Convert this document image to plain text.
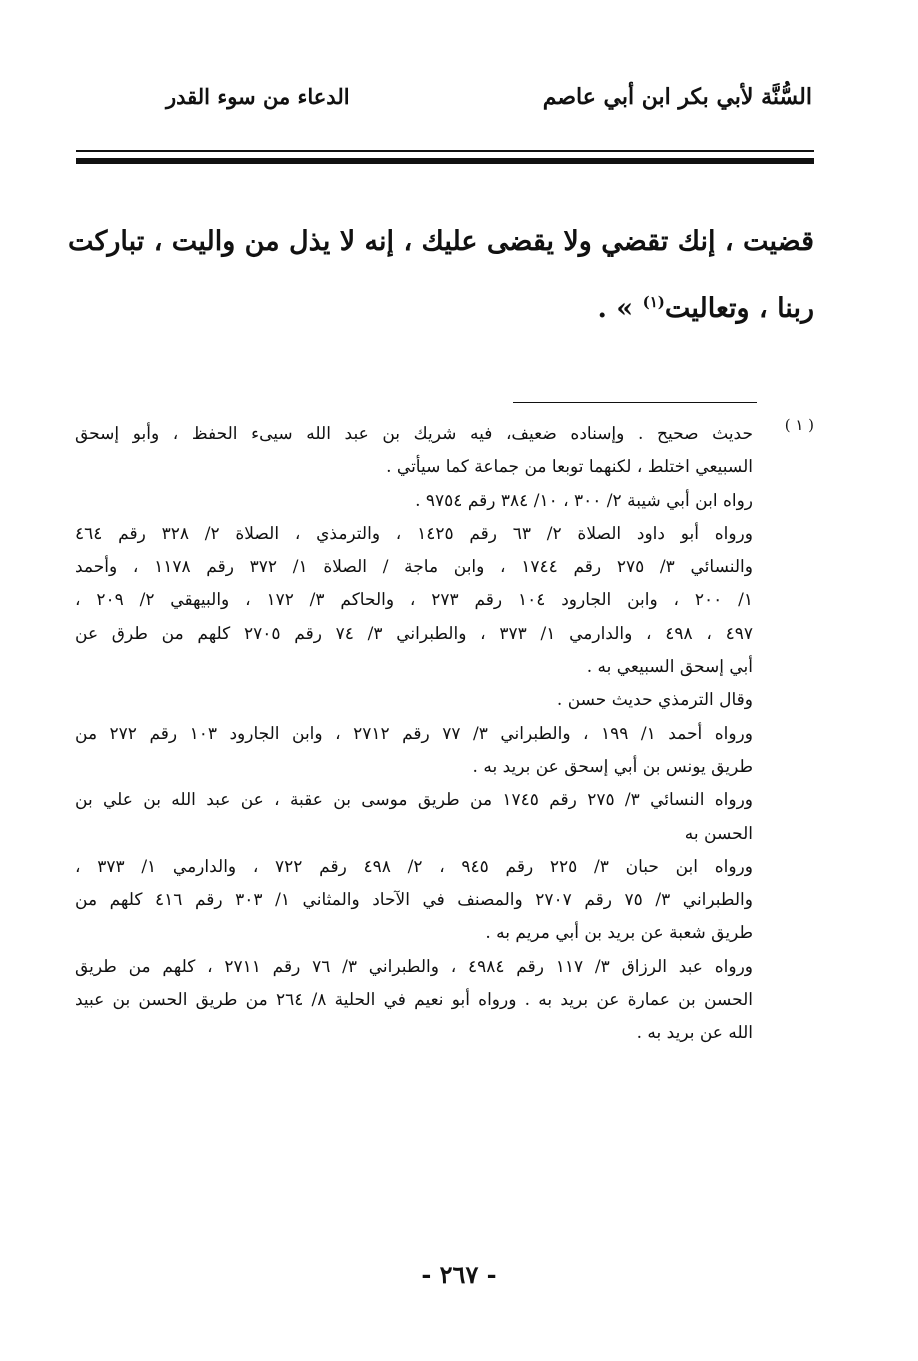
السُّنَّة لأبي بكر ابن أبي عاصم
الدعاء من سوء القدر
قضيت ، إنك تقضي ولا يقضى عليك ، إنه لا يذل من واليت ، تباركت
ربنا ، وتعاليت$^{(١)}$ » .
( ١ )
حديث صحيح . وإسناده ضعيف، فيه شريك بن عبد الله سيىء الحفظ ، وأبو إسحق
السبيعي اختلط ، لكنهما توبعا من جماعة كما سيأتي .
رواه ابن أبي شيبة ٢/ ٣٠٠ ، ١٠/ ٣٨٤ رقم ٩٧٥٤ .
ورواه أبو داود الصلاة ٢/ ٦٣ رقم ١٤٢٥ ، والترمذي ، الصلاة ٢/ ٣٢٨ رقم ٤٦٤
والنسائي ٣/ ٢٧٥ رقم ١٧٤٤ ، وابن ماجة / الصلاة ١/ ٣٧٢ رقم ١١٧٨ ، وأحمد
١/ ٢٠٠ ، وابن الجارود ١٠٤ رقم ٢٧٣ ، والحاكم ٣/ ١٧٢ ، والبيهقي ٢/ ٢٠٩ ،
٤٩٧ ، ٤٩٨ ، والدارمي ١/ ٣٧٣ ، والطبراني ٣/ ٧٤ رقم ٢٧٠٥ كلهم من طرق عن
أبي إسحق السبيعي به .
وقال الترمذي حديث حسن .
ورواه أحمد ١/ ١٩٩ ، والطبراني ٣/ ٧٧ رقم ٢٧١٢ ، وابن الجارود ١٠٣ رقم ٢٧٢ من
طريق يونس بن أبي إسحق عن بريد به .
ورواه النسائي ٣/ ٢٧٥ رقم ١٧٤٥ من طريق موسى بن عقبة ، عن عبد الله بن علي بن
الحسن به
ورواه ابن حبان ٣/ ٢٢٥ رقم ٩٤٥ ، ٢/ ٤٩٨ رقم ٧٢٢ ، والدارمي ١/ ٣٧٣ ،
والطبراني ٣/ ٧٥ رقم ٢٧٠٧ والمصنف في الآحاد والمثاني ١/ ٣٠٣ رقم ٤١٦ كلهم من
طريق شعبة عن بريد بن أبي مريم به .
ورواه عبد الرزاق ٣/ ١١٧ رقم ٤٩٨٤ ، والطبراني ٣/ ٧٦ رقم ٢٧١١ ، كلهم من طريق
الحسن بن عمارة عن بريد به . ورواه أبو نعيم في الحلية ٨/ ٢٦٤ من طريق الحسن بن عبيد
الله عن بريد به .
- ٢٦٧ -
